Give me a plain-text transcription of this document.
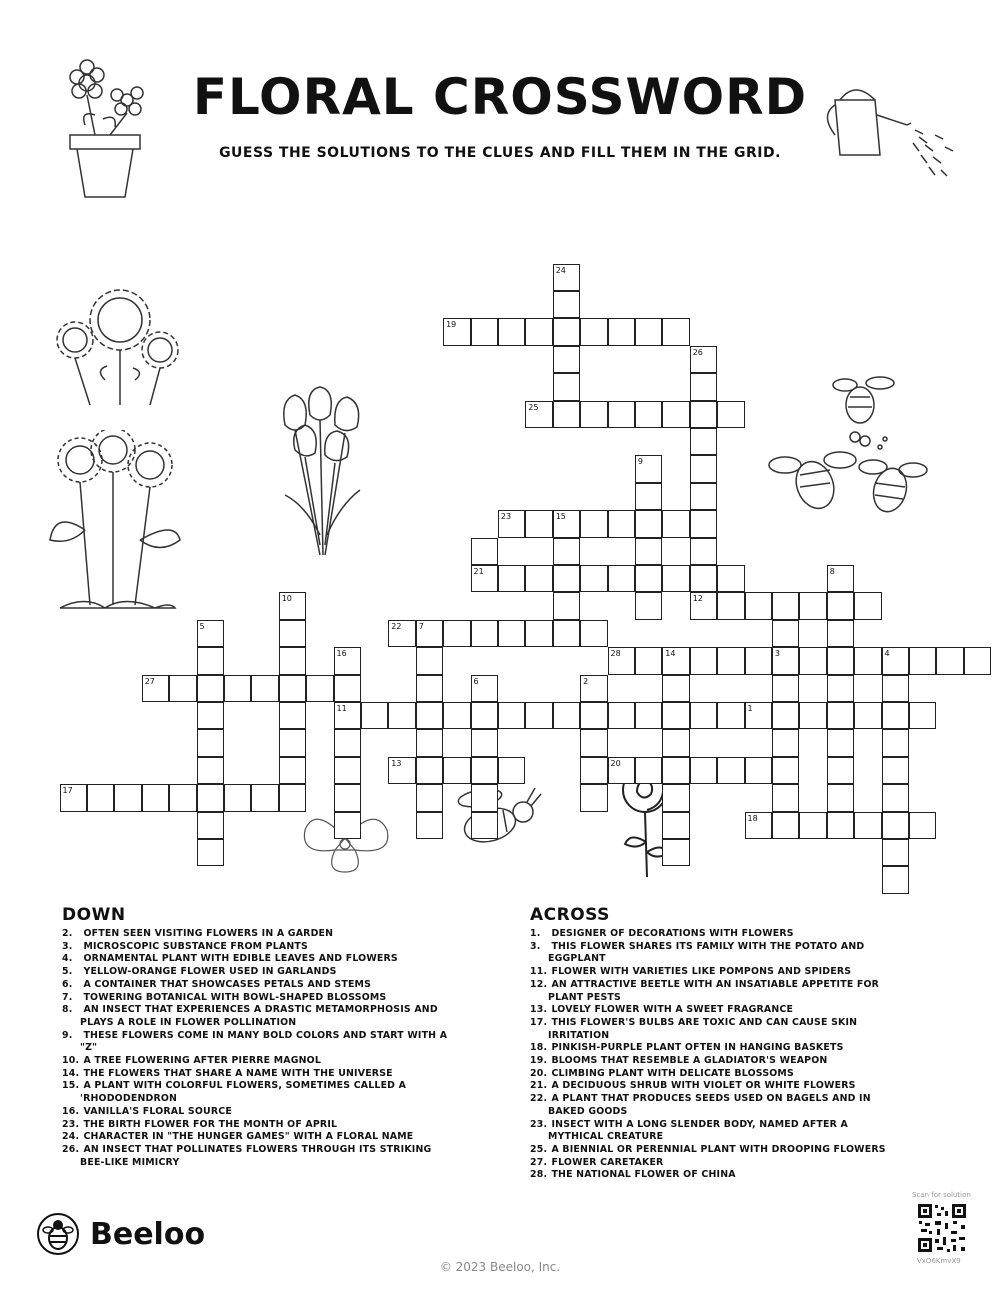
FLORAL CROSSWORD
GUESS THE SOLUTIONS TO THE CLUES AND FILL THEM IN THE GRID.
24
19
26
25
9
23	15
21	8
12
10
5	22 7
14
28	3
16
11
4
27	6	2
1
13	20
17
18
DOWN
2. OFTEN SEEN VISITING FLOWERS IN A GARDEN
3. MICROSCOPIC SUBSTANCE FROM PLANTS
4. ORNAMENTAL PLANT WITH EDIBLE LEAVES AND FLOWERS
5. YELLOW-ORANGE FLOWER USED IN GARLANDS
6. A CONTAINER THAT SHOWCASES PETALS AND STEMS
7. TOWERING BOTANICAL WITH BOWL-SHAPED BLOSSOMS
8. AN INSECT THAT EXPERIENCES A DRASTIC METAMORPHOSIS AND PLAYS A ROLE IN FLOWER POLLINATION
9. THESE FLOWERS COME IN MANY BOLD COLORS AND START WITH A "Z"
10. A TREE FLOWERING AFTER PIERRE MAGNOL
14. THE FLOWERS THAT SHARE A NAME WITH THE UNIVERSE
15. A PLANT WITH COLORFUL FLOWERS, SOMETIMES CALLED A 'RHODODENDRON
16. VANILLA'S FLORAL SOURCE
23. THE BIRTH FLOWER FOR THE MONTH OF APRIL
24. CHARACTER IN "THE HUNGER GAMES" WITH A FLORAL NAME
26. AN INSECT THAT POLLINATES FLOWERS THROUGH ITS STRIKING BEE-LIKE MIMICRY
ACROSS
1. DESIGNER OF DECORATIONS WITH FLOWERS
3. THIS FLOWER SHARES ITS FAMILY WITH THE POTATO AND EGGPLANT
11. FLOWER WITH VARIETIES LIKE POMPONS AND SPIDERS
12. AN ATTRACTIVE BEETLE WITH AN INSATIABLE APPETITE FOR PLANT PESTS
13. LOVELY FLOWER WITH A SWEET FRAGRANCE
17. THIS FLOWER'S BULBS ARE TOXIC AND CAN CAUSE SKIN IRRITATION
18. PINKISH-PURPLE PLANT OFTEN IN HANGING BASKETS
19. BLOOMS THAT RESEMBLE A GLADIATOR'S WEAPON
20. CLIMBING PLANT WITH DELICATE BLOSSOMS
21. A DECIDUOUS SHRUB WITH VIOLET OR WHITE FLOWERS
22. A PLANT THAT PRODUCES SEEDS USED ON BAGELS AND IN BAKED GOODS
23. INSECT WITH A LONG SLENDER BODY, NAMED AFTER A MYTHICAL CREATURE
25. A BIENNIAL OR PERENNIAL PLANT WITH DROOPING FLOWERS
27. FLOWER CARETAKER
28. THE NATIONAL FLOWER OF CHINA
Beeloo
Scan for solution
VxO6KmvX9
© 2023 Beeloo, Inc.
